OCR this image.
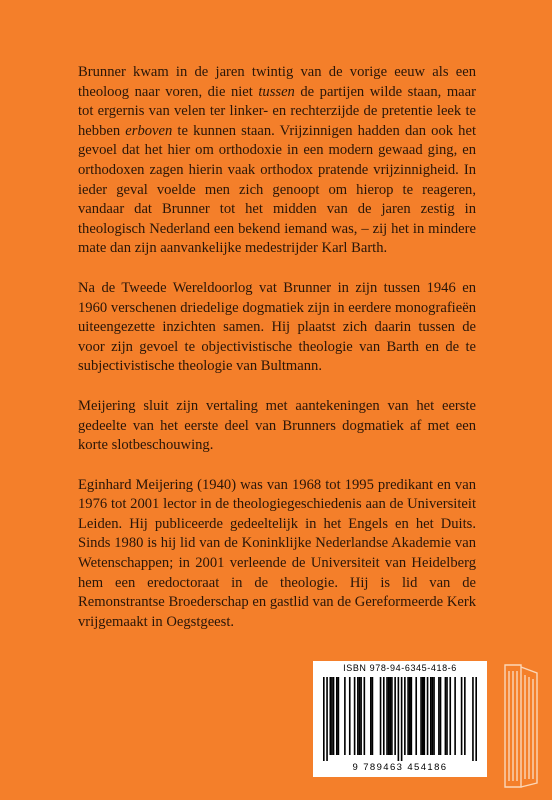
Brunner kwam in de jaren twintig van de vorige eeuw als een theoloog naar voren, die niet tussen de partijen wilde staan, maar tot ergernis van velen ter linker- en rechterzijde de pretentie leek te hebben erboven te kunnen staan. Vrijzinnigen hadden dan ook het gevoel dat het hier om orthodoxie in een modern gewaad ging, en orthodoxen zagen hierin vaak orthodox pratende vrijzinnigheid. In ieder geval voelde men zich genoopt om hierop te reageren, vandaar dat Brunner tot het midden van de jaren zestig in theologisch Nederland een bekend iemand was, – zij het in mindere mate dan zijn aanvankelijke medestrijder Karl Barth.

Na de Tweede Wereldoorlog vat Brunner in zijn tussen 1946 en 1960 verschenen driedelige dogmatiek zijn in eerdere monografieën uiteengezette inzichten samen. Hij plaatst zich daarin tussen de voor zijn gevoel te objectivistische theologie van Barth en de te subjectivistische theologie van Bultmann.

Meijering sluit zijn vertaling met aantekeningen van het eerste gedeelte van het eerste deel van Brunners dogmatiek af met een korte slotbeschouwing.

Eginhard Meijering (1940) was van 1968 tot 1995 predikant en van 1976 tot 2001 lector in de theologiegeschiedenis aan de Universiteit Leiden. Hij publiceerde gedeeltelijk in het Engels en het Duits. Sinds 1980 is hij lid van de Koninklijke Nederlandse Akademie van Wetenschappen; in 2001 verleende de Universiteit van Heidelberg hem een eredoctoraat in de theologie. Hij is lid van de Remonstrantse Broederschap en gastlid van de Gereformeerde Kerk vrijgemaakt in Oegstgeest.

ISBN 978-94-6345-418-6
9 789463 454186
